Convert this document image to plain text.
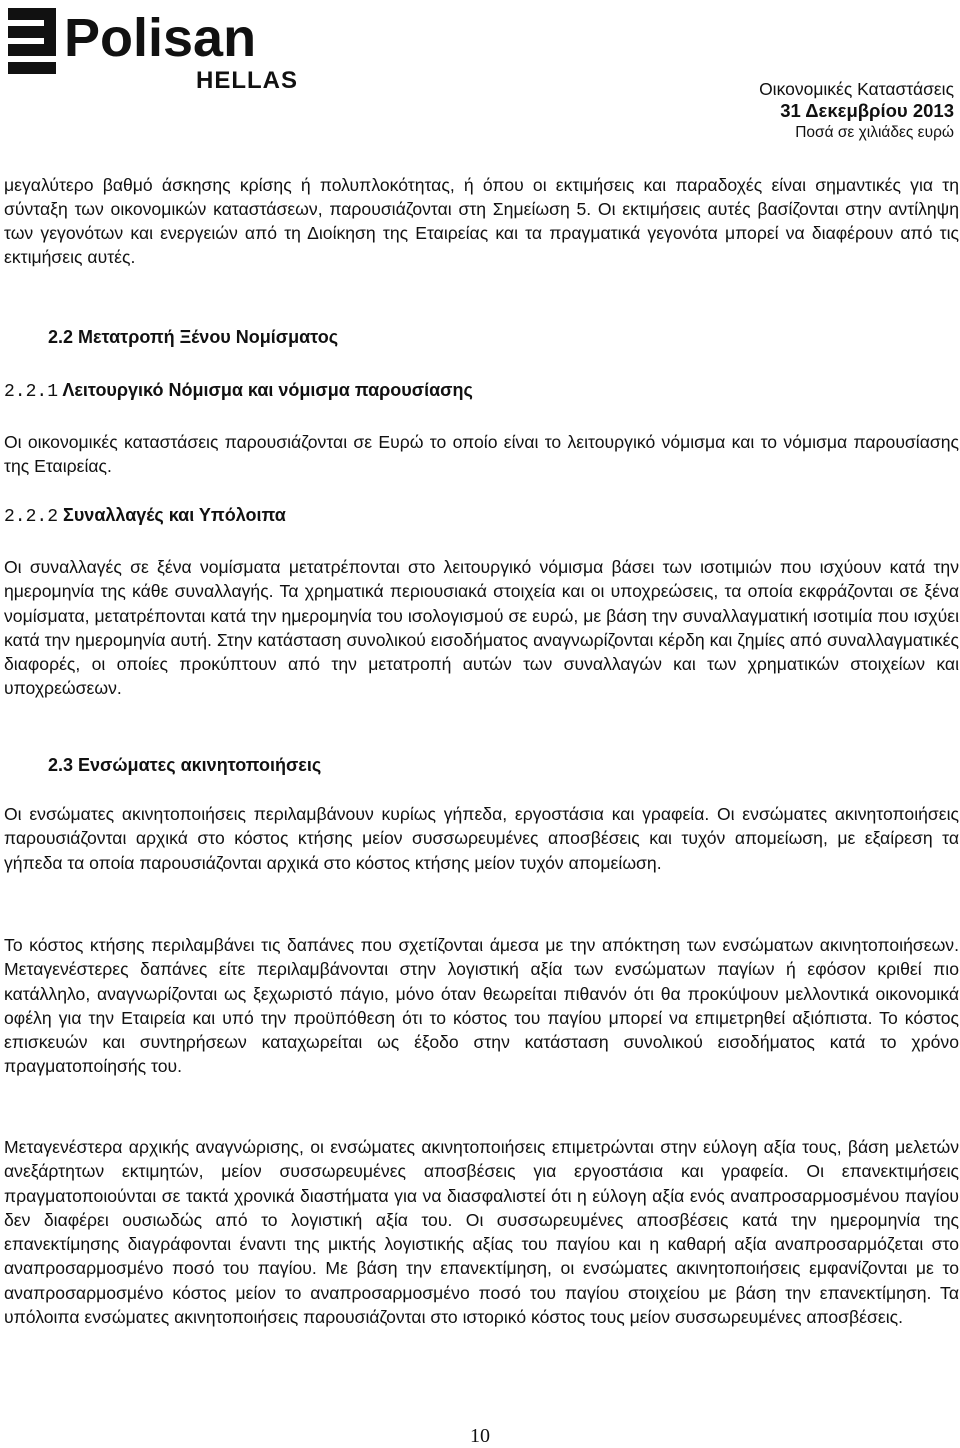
Polisan
HELLAS	Οικονομικές Καταστάσεις
31 Δεκεμβρίου 2013
Ποσά σε χιλιάδες ευρώ

μεγαλύτερο βαθμό άσκησης κρίσης ή πολυπλοκότητας, ή όπου οι εκτιμήσεις και παραδοχές είναι σημαντικές για τη σύνταξη των οικονομικών καταστάσεων, παρουσιάζονται στη Σημείωση 5. Οι εκτιμήσεις αυτές βασίζονται στην αντίληψη των γεγονότων και ενεργειών από τη Διοίκηση της Εταιρείας και τα πραγματικά γεγονότα μπορεί να διαφέρουν από τις εκτιμήσεις αυτές.

2.2 Μετατροπή Ξένου Νομίσματος
2.2.1 Λειτουργικό Νόμισμα και νόμισμα παρουσίασης

Οι οικονομικές καταστάσεις παρουσιάζονται σε Ευρώ το οποίο είναι το λειτουργικό νόμισμα και το νόμισμα παρουσίασης της Εταιρείας.

2.2.2 Συναλλαγές και Υπόλοιπα

Οι συναλλαγές σε ξένα νομίσματα μετατρέπονται στο λειτουργικό νόμισμα βάσει των ισοτιμιών που ισχύουν κατά την ημερομηνία της κάθε συναλλαγής. Τα χρηματικά περιουσιακά στοιχεία και οι υποχρεώσεις, τα οποία εκφράζονται σε ξένα νομίσματα, μετατρέπονται κατά την ημερομηνία του ισολογισμού σε ευρώ, με βάση την συναλλαγματική ισοτιμία που ισχύει κατά την ημερομηνία αυτή. Στην κατάσταση συνολικού εισοδήματος αναγνωρίζονται κέρδη και ζημίες από συναλλαγματικές διαφορές, οι οποίες προκύπτουν από την μετατροπή αυτών των συναλλαγών και των χρηματικών στοιχείων και υποχρεώσεων.

2.3 Ενσώματες ακινητοποιήσεις

Οι ενσώματες ακινητοποιήσεις περιλαμβάνουν κυρίως γήπεδα, εργοστάσια και γραφεία. Οι ενσώματες ακινητοποιήσεις παρουσιάζονται αρχικά στο κόστος κτήσης μείον συσσωρευμένες αποσβέσεις και τυχόν απομείωση, με εξαίρεση τα γήπεδα τα οποία παρουσιάζονται αρχικά στο κόστος κτήσης μείον τυχόν απομείωση.

Το κόστος κτήσης περιλαμβάνει τις δαπάνες που σχετίζονται άμεσα με την απόκτηση των ενσώματων ακινητοποιήσεων. Μεταγενέστερες δαπάνες είτε περιλαμβάνονται στην λογιστική αξία των ενσώματων παγίων ή εφόσον κριθεί πιο κατάλληλο, αναγνωρίζονται ως ξεχωριστό πάγιο, μόνο όταν θεωρείται πιθανόν ότι θα προκύψουν μελλοντικά οικονομικά οφέλη για την Εταιρεία και υπό την προϋπόθεση ότι το κόστος του παγίου μπορεί να επιμετρηθεί αξιόπιστα. Το κόστος επισκευών και συντηρήσεων καταχωρείται ως έξοδο στην κατάσταση συνολικού εισοδήματος κατά το χρόνο πραγματοποίησής του.

Μεταγενέστερα αρχικής αναγνώρισης, οι ενσώματες ακινητοποιήσεις επιμετρώνται στην εύλογη αξία τους, βάση μελετών ανεξάρτητων εκτιμητών, μείον συσσωρευμένες αποσβέσεις για εργοστάσια και γραφεία. Οι επανεκτιμήσεις πραγματοποιούνται σε τακτά χρονικά διαστήματα για να διασφαλιστεί ότι η εύλογη αξία ενός αναπροσαρμοσμένου παγίου δεν διαφέρει ουσιωδώς από το λογιστική αξία του. Οι συσσωρευμένες αποσβέσεις κατά την ημερομηνία της επανεκτίμησης διαγράφονται έναντι της μικτής λογιστικής αξίας του παγίου και η καθαρή αξία αναπροσαρμόζεται στο αναπροσαρμοσμένο ποσό του παγίου. Με βάση την επανεκτίμηση, οι ενσώματες ακινητοποιήσεις εμφανίζονται με το αναπροσαρμοσμένο κόστος μείον το αναπροσαρμοσμένο ποσό του παγίου στοιχείου με βάση την επανεκτίμηση. Τα υπόλοιπα ενσώματες ακινητοποιήσεις παρουσιάζονται στο ιστορικό κόστος τους μείον συσσωρευμένες αποσβέσεις.

10
